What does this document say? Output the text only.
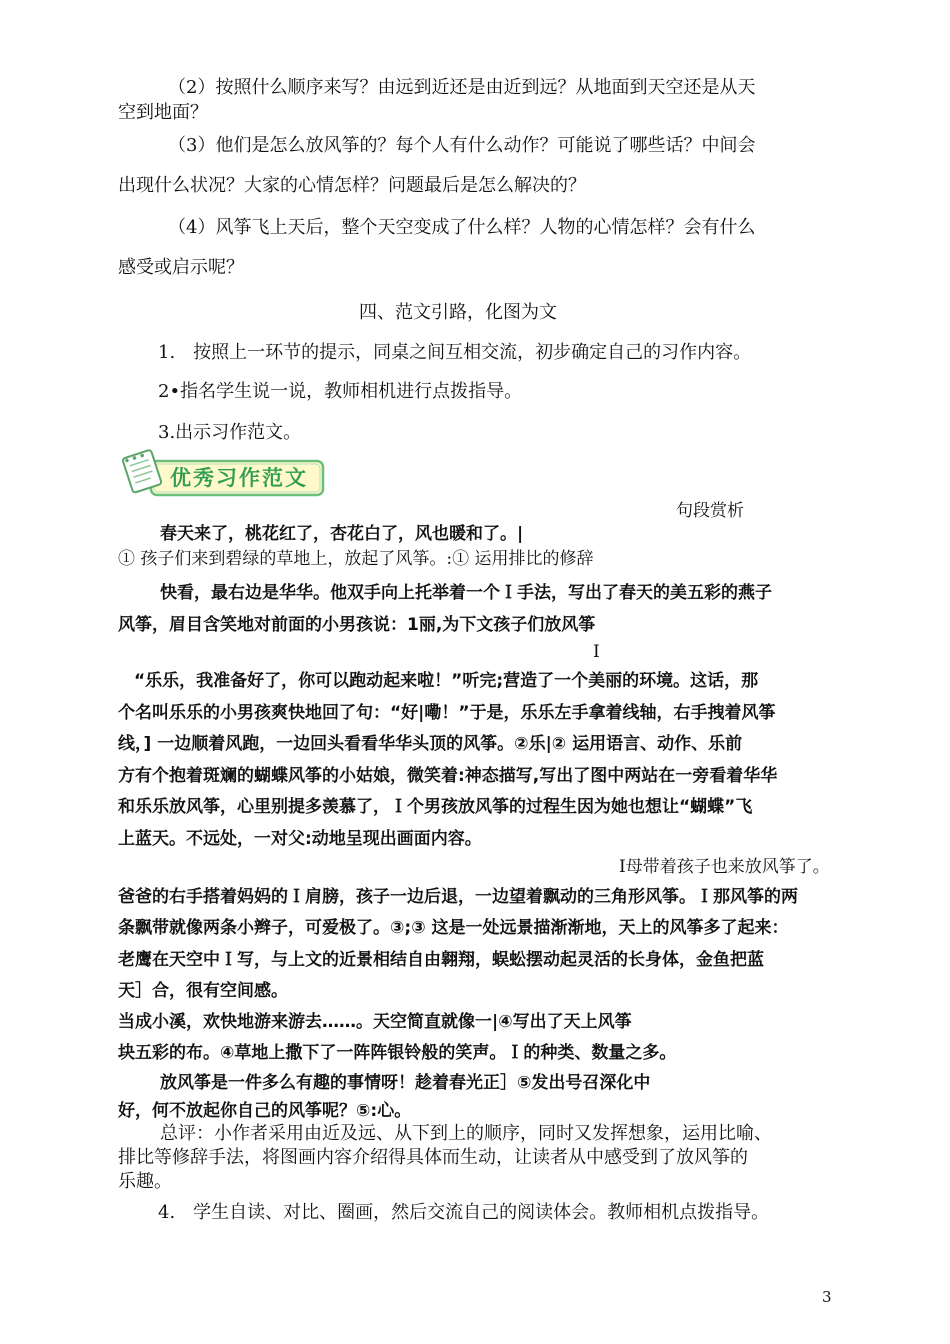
（2）按照什么顺序来写？由远到近还是由近到远？从地面到天空还是从天
空到地面？
（3）他们是怎么放风筝的？每个人有什么动作？可能说了哪些话？中间会
出现什么状况？大家的心情怎样？问题最后是怎么解决的？
（4）风筝飞上天后，整个天空变成了什么样？人物的心情怎样？会有什么
感受或启示呢？
四、范文引路，化图为文
1.　按照上一环节的提示，同桌之间互相交流，初步确定自己的习作内容。
2•指名学生说一说，教师相机进行点拨指导。
3.出示习作范文。
优秀习作范文
句段赏析
春天来了，桃花红了，杏花白了，风也暖和了。|
① 孩子们来到碧绿的草地上，放起了风筝。:① 运用排比的修辞
快看，最右边是华华。他双手向上托举着一个Ｉ手法，写出了春天的美五彩的燕子
风筝，眉目含笑地对前面的小男孩说：1丽,为下文孩子们放风筝
I
“乐乐，我准备好了，你可以跑动起来啦！”听完;营造了一个美丽的环境。这话，那
个名叫乐乐的小男孩爽快地回了句：“好|嘞！”于是，乐乐左手拿着线轴，右手拽着风筝
线，] 一边顺着风跑，一边回头看看华华头顶的风筝。②乐|② 运用语言、动作、乐前
方有个抱着斑斓的蝴蝶风筝的小姑娘，微笑着:神态描写,写出了图中两站在一旁看着华华
和乐乐放风筝，心里别提多羡慕了，Ｉ个男孩放风筝的过程生因为她也想让“蝴蝶”飞
上蓝天。不远处，一对父:动地呈现出画面内容。
I母带着孩子也来放风筝了。
爸爸的右手搭着妈妈的Ｉ肩膀，孩子一边后退，一边望着飘动的三角形风筝。Ｉ那风筝的两
条飘带就像两条小辫子，可爱极了。③;③ 这是一处远景描渐渐地，天上的风筝多了起来：
老鹰在天空中Ｉ写，与上文的近景相结自由翱翔，蜈蚣摆动起灵活的长身体，金鱼把蓝
天］合，很有空间感。
当成小溪，欢快地游来游去……。天空简直就像一|④写出了天上风筝
块五彩的布。④草地上撒下了一阵阵银铃般的笑声。Ｉ的种类、数量之多。
放风筝是一件多么有趣的事情呀！趁着春光正］⑤发出号召深化中
好，何不放起你自己的风筝呢？⑤:心。
总评：小作者采用由近及远、从下到上的顺序，同时又发挥想象，运用比喻、
排比等修辞手法，将图画内容介绍得具体而生动，让读者从中感受到了放风筝的
乐趣。
4.　学生自读、对比、圈画，然后交流自己的阅读体会。教师相机点拨指导。
3
